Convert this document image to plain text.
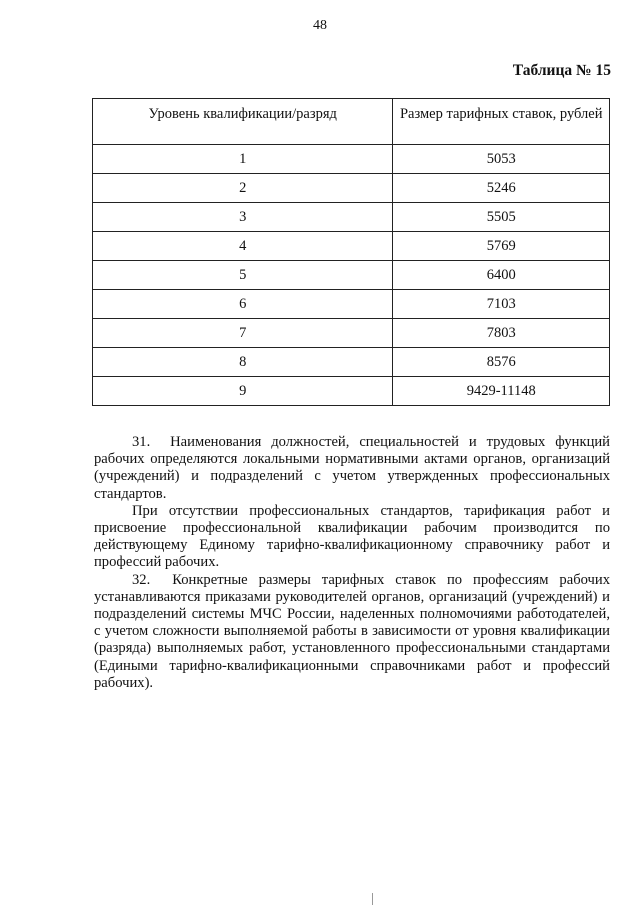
48
Таблица № 15
Уровень квалификации/разряд	Размер тарифных ставок, рублей
1	5053
2	5246
3	5505
4	5769
5	6400
6	7103
7	7803
8	8576
9	9429-11148

31.  Наименования должностей, специальностей и трудовых функций рабочих определяются локальными нормативными актами органов, организаций (учреждений) и подразделений с учетом утвержденных профессиональных стандартов.

При отсутствии профессиональных стандартов, тарификация работ и присвоение профессиональной квалификации рабочим производится по действующему Единому тарифно-квалификационному справочнику работ и профессий рабочих.

32.  Конкретные размеры тарифных ставок по профессиям рабочих устанавливаются приказами руководителей органов, организаций (учреждений) и подразделений системы МЧС России, наделенных полномочиями работодателей, с учетом сложности выполняемой работы в зависимости от уровня квалификации (разряда) выполняемых работ, установленного профессиональными стандартами (Едиными тарифно-квалификационными справочниками работ и профессий рабочих).
